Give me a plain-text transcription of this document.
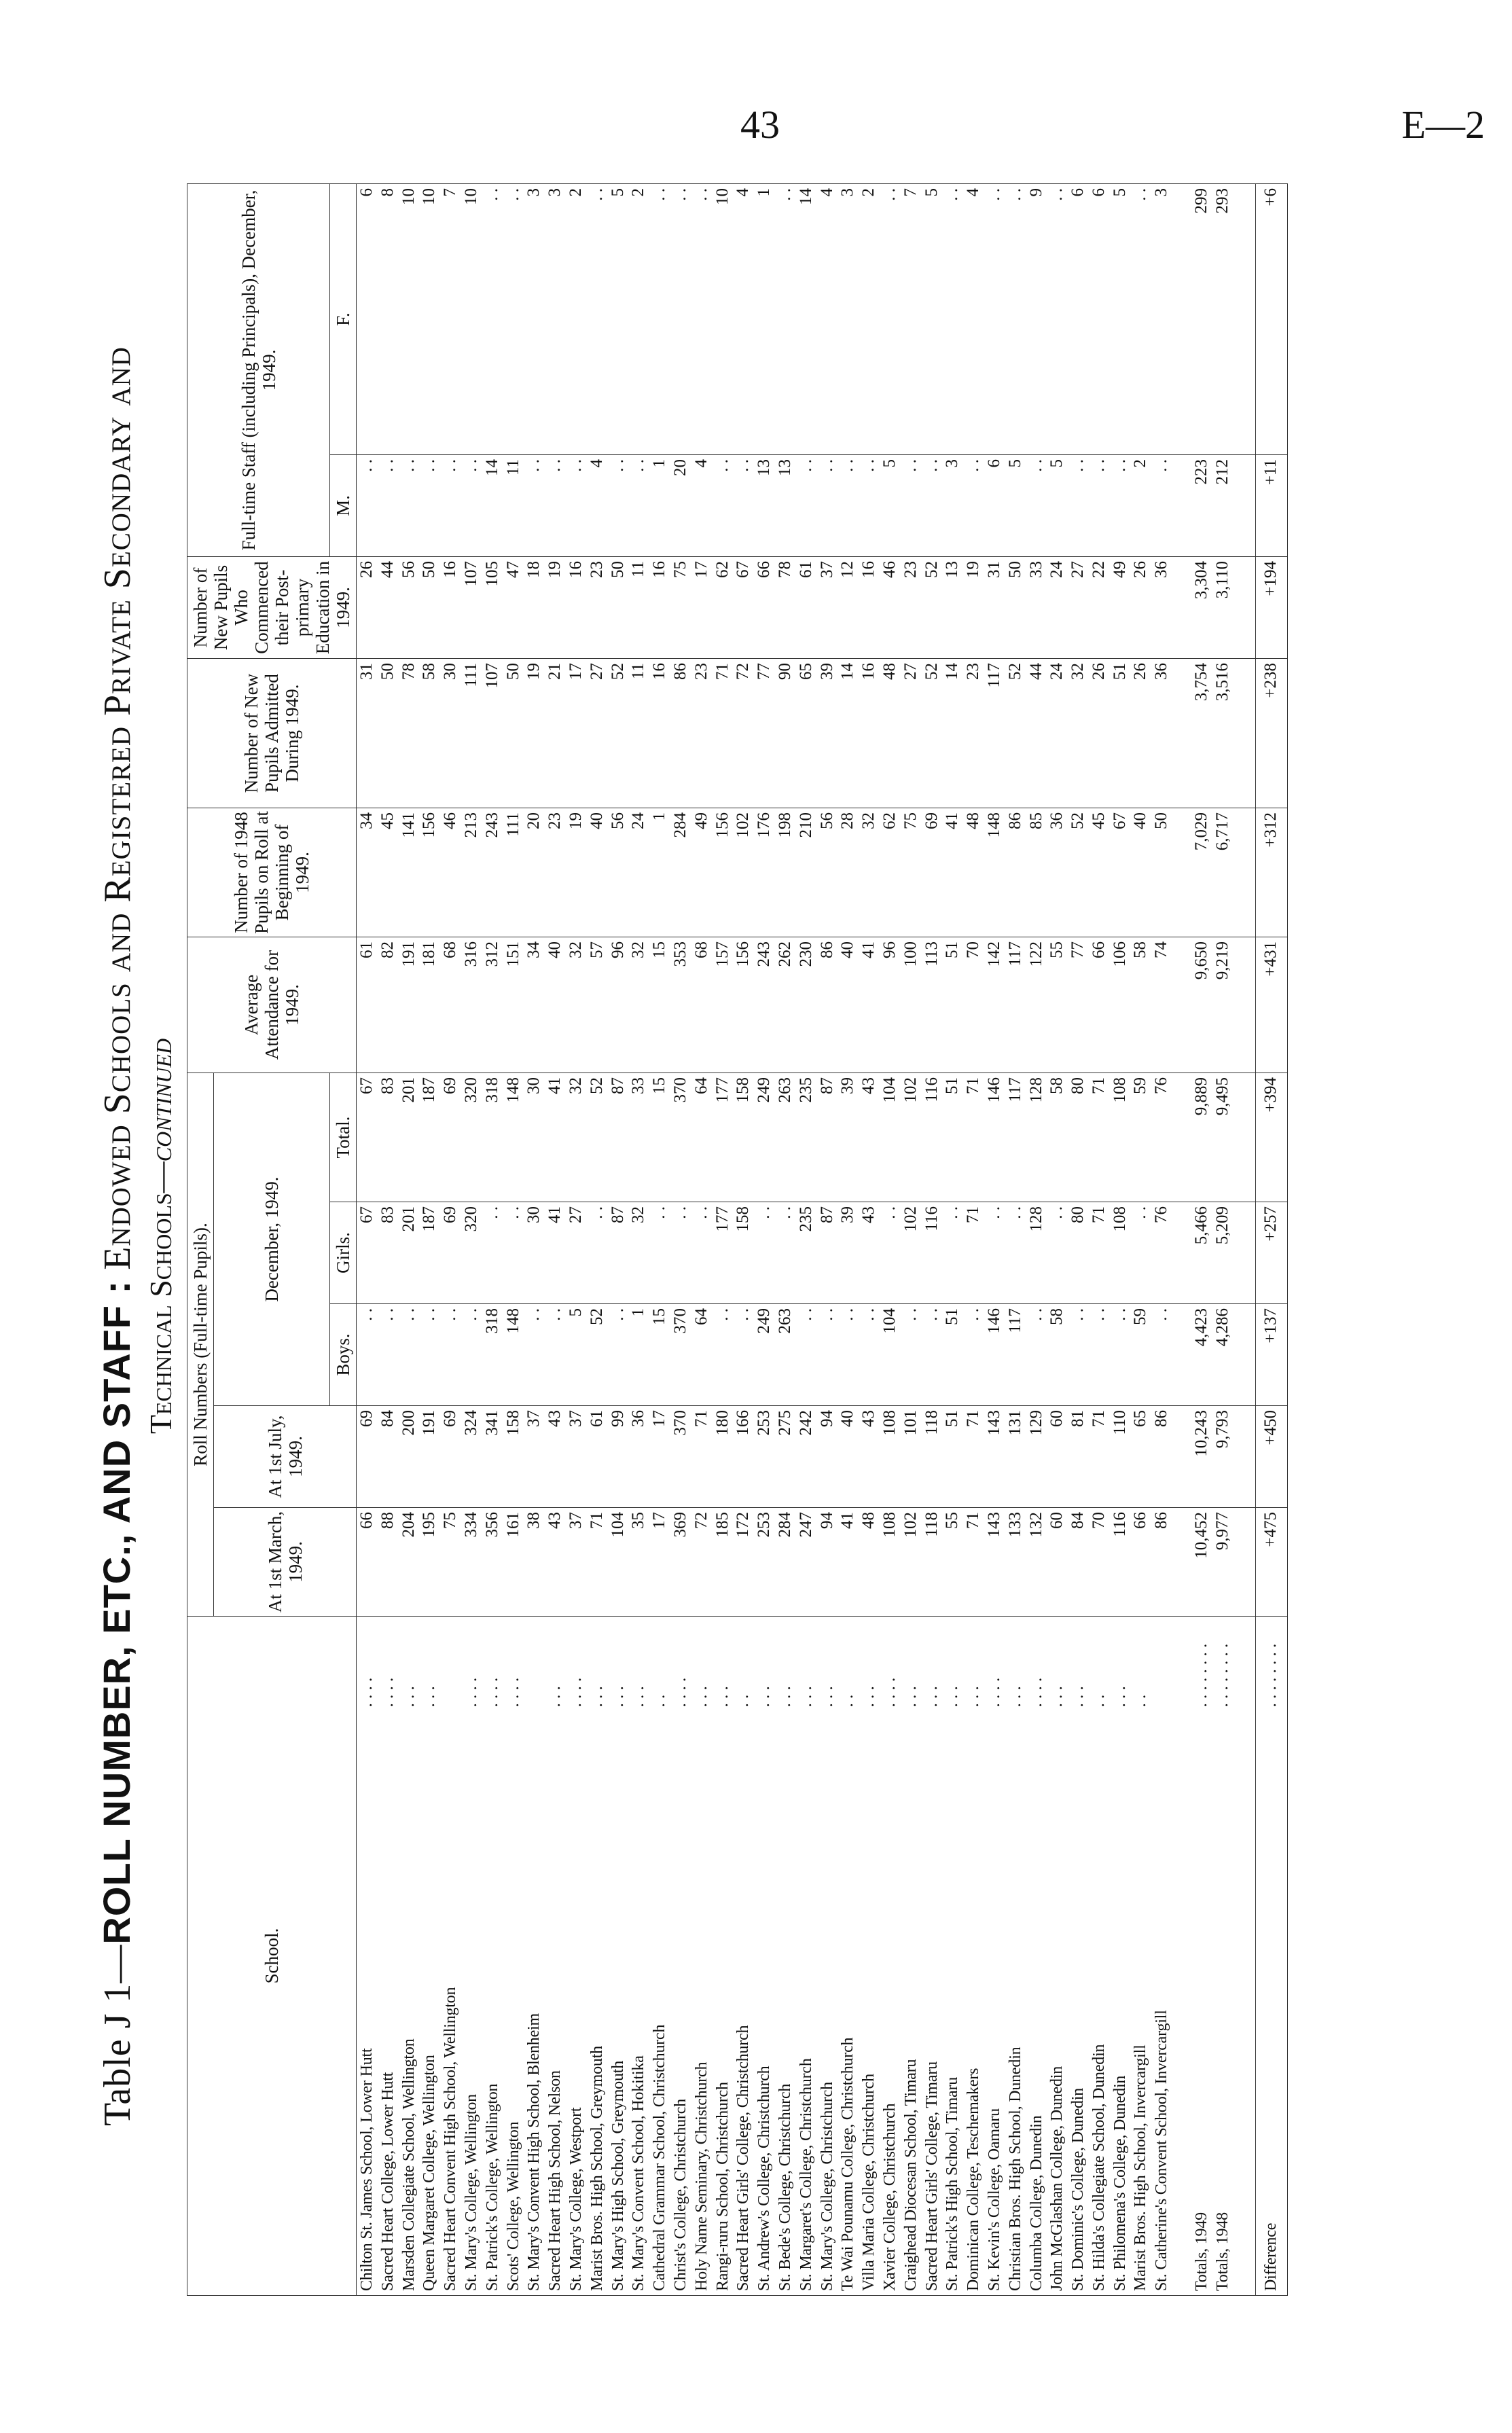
43	E—2
Table J 1—ROLL NUMBER, ETC., AND STAFF : Endowed Schools and Registered Private Secondary and
Technical Schools—continued
School.		Roll Numbers (Full-time Pupils).					Average Attendance for 1949.	Number of 1948 Pupils on Roll at Beginning of 1949.	Number of New Pupils Admitted During 1949.	Number of New Pupils Who Commenced their Post-primary Education in 1949.	Full-time Staff (including Principals), December, 1949.	
		At 1st March, 1949.	At 1st July, 1949.	December, 1949.								
				Boys.	Girls.	Total.					M.	F.
Chilton St. James School, Lower Hutt	. . . .	66	69	. .	67	67	61	34	31	26	. .	6
Sacred Heart College, Lower Hutt	. . . .	88	84	. .	83	83	82	45	50	44	. .	8
Marsden Collegiate School, Wellington	. . .	204	200	. .	201	201	191	141	78	56	. .	10
Queen Margaret College, Wellington	. . .	195	191	. .	187	187	181	156	58	50	. .	10
Sacred Heart Convent High School, Wellington		75	69	. .	69	69	68	46	30	16	. .	7
St. Mary's College, Wellington	. . . .	334	324	. .	320	320	316	213	111	107	. .	10
St. Patrick's College, Wellington	. . . .	356	341	318	. .	318	312	243	107	105	14	. .
Scots' College, Wellington	. . . .	161	158	148	. .	148	151	111	50	47	11	. .
St. Mary's Convent High School, Blenheim		38	37	. .	30	30	34	20	19	18	. .	3
Sacred Heart High School, Nelson	. . .	43	43	. .	41	41	40	23	21	19	. .	3
St. Mary's College, Westport	. . . .	37	37	5	27	32	32	19	17	16	. .	2
Marist Bros. High School, Greymouth	. . .	71	61	52	. .	52	57	40	27	23	4	. .
St. Mary's High School, Greymouth	. . .	104	99	. .	87	87	96	56	52	50	. .	5
St. Mary's Convent School, Hokitika	. . .	35	36	1	32	33	32	24	11	11	. .	2
Cathedral Grammar School, Christchurch	. .	17	17	15	. .	15	15	1	16	16	1	. .
Christ's College, Christchurch	. . . .	369	370	370	. .	370	353	284	86	75	20	. .
Holy Name Seminary, Christchurch	. . .	72	71	64	. .	64	68	49	23	17	4	. .
Rangi-ruru School, Christchurch	. . .	185	180	. .	177	177	157	156	71	62	. .	10
Sacred Heart Girls' College, Christchurch	. .	172	166	. .	158	158	156	102	72	67	. .	4
St. Andrew's College, Christchurch	. . .	253	253	249	. .	249	243	176	77	66	13	1
St. Bede's College, Christchurch	. . .	284	275	263	. .	263	262	198	90	78	13	. .
St. Margaret's College, Christchurch	. . .	247	242	. .	235	235	230	210	65	61	. .	14
St. Mary's College, Christchurch	. . .	94	94	. .	87	87	86	56	39	37	. .	4
Te Wai Pounamu College, Christchurch	. .	41	40	. .	39	39	40	28	14	12	. .	3
Villa Maria College, Christchurch	. . .	48	43	. .	43	43	41	32	16	16	. .	2
Xavier College, Christchurch	. . . .	108	108	104	. .	104	96	62	48	46	5	. .
Craighead Diocesan School, Timaru	. . .	102	101	. .	102	102	100	75	27	23	. .	7
Sacred Heart Girls' College, Timaru	. . .	118	118	. .	116	116	113	69	52	52	. .	5
St. Patrick's High School, Timaru	. . .	55	51	51	. .	51	51	41	14	13	3	. .
Dominican College, Teschemakers	. . .	71	71	. .	71	71	70	48	23	19	. .	4
St. Kevin's College, Oamaru	. . . .	143	143	146	. .	146	142	148	117	31	6	. .
Christian Bros. High School, Dunedin	. . .	133	131	117	. .	117	117	86	52	50	5	. .
Columba College, Dunedin	. . . .	132	129	. .	128	128	122	85	44	33	. .	9
John McGlashan College, Dunedin	. . .	60	60	58	. .	58	55	36	24	24	5	. .
St. Dominic's College, Dunedin	. . .	84	81	. .	80	80	77	52	32	27	. .	6
St. Hilda's Collegiate School, Dunedin	. .	70	71	. .	71	71	66	45	26	22	. .	6
St. Philomena's College, Dunedin	. . .	116	110	. .	108	108	106	67	51	49	. .	5
Marist Bros. High School, Invercargill	. .	66	65	59	. .	59	58	40	26	26	2	. .
St. Catherine's Convent School, Invercargill		86	86	. .	76	76	74	50	36	36	. .	3

Totals, 1949	. . . . . . . .	10,452	10,243	4,423	5,466	9,889	9,650	7,029	3,754	3,304	223	299
Totals, 1948	. . . . . . . .	9,977	9,793	4,286	5,209	9,495	9,219	6,717	3,516	3,110	212	293

Difference	. . . . . . . .	+475	+450	+137	+257	+394	+431	+312	+238	+194	+11	+6
